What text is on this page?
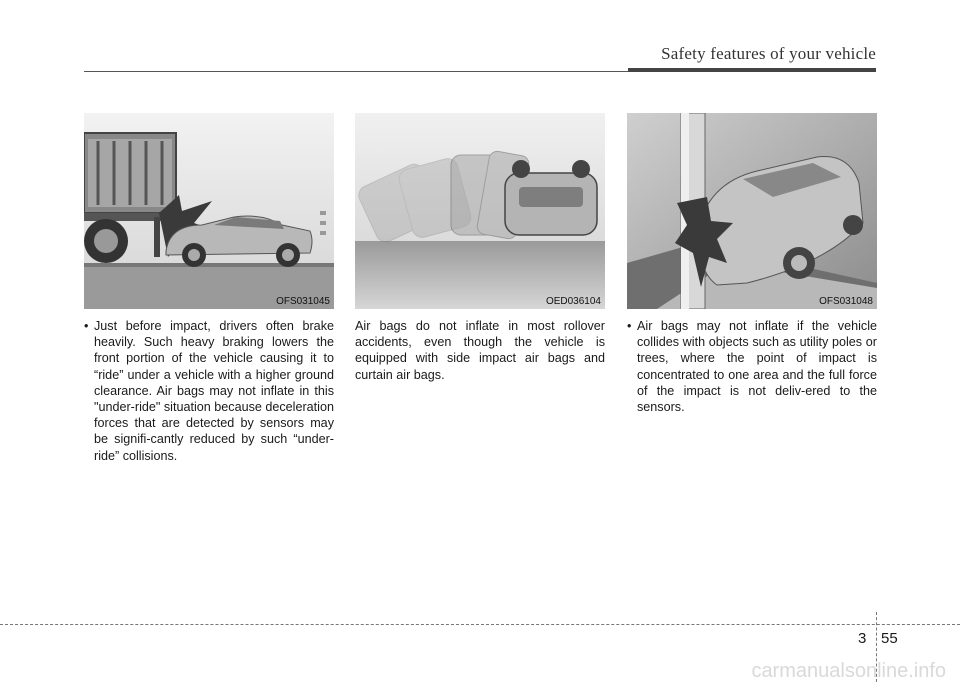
Safety features of your vehicle
OFS031045	OED036104	OFS031048
• Just before impact, drivers often brake heavily. Such heavy braking lowers the front portion of the vehicle causing it to “ride” under a vehicle with a higher ground clearance. Air bags may not inflate in this "under-ride" situation because deceleration forces that are detected by sensors may be signifi-cantly reduced by such “under-ride” collisions.
Air bags do not inflate in most rollover accidents, even though the vehicle is equipped with side impact air bags and curtain air bags.
• Air bags may not inflate if the vehicle collides with objects such as utility poles or trees, where the point of impact is concentrated to one area and the full force of the impact is not deliv-ered to the sensors.
3 55
carmanualsonline.info
